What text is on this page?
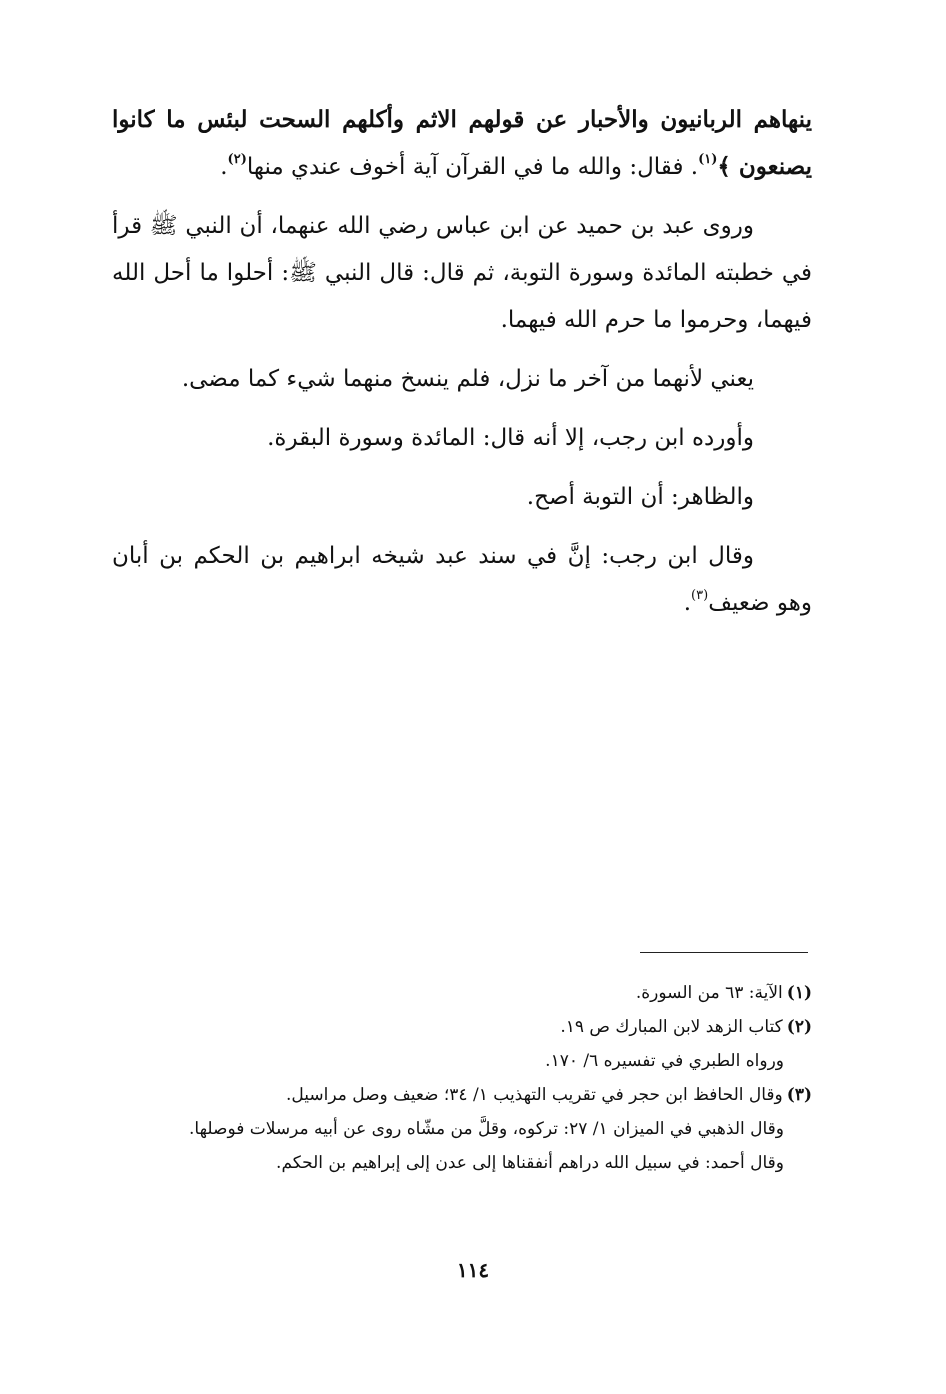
ينهاهم الربانيون والأحبار عن قولهم الاثم وأكلهم السحت لبئس ما كانوا يصنعون ﴾$^{(١)}$. فقال: والله ما في القرآن آية أخوف عندي منها$^{(٢)}$.

وروى عبد بن حميد عن ابن عباس رضي الله عنهما، أن النبي ﷺ قرأ في خطبته المائدة وسورة التوبة، ثم قال: قال النبي ﷺ: أحلوا ما أحل الله فيهما، وحرموا ما حرم الله فيهما.

يعني لأنهما من آخر ما نزل، فلم ينسخ منهما شيء كما مضى.

وأورده ابن رجب، إلا أنه قال: المائدة وسورة البقرة.

والظاهر: أن التوبة أصح.

وقال ابن رجب: إنَّ في سند عبد شيخه ابراهيم بن الحكم بن أبان وهو ضعيف$^{(٣)}$.

(١)الآية: ٦٣ من السورة.

(٢)كتاب الزهد لابن المبارك ص ١٩.

ورواه الطبري في تفسيره ٦/ ١٧٠.

(٣)وقال الحافظ ابن حجر في تقريب التهذيب ١/ ٣٤؛ ضعيف وصل مراسيل.

وقال الذهبي في الميزان ١/ ٢٧: تركوه، وقلَّ من مشّاه روى عن أبيه مرسلات فوصلها.

وقال أحمد: في سبيل الله دراهم أنفقناها إلى عدن إلى إبراهيم بن الحكم.

١١٤
